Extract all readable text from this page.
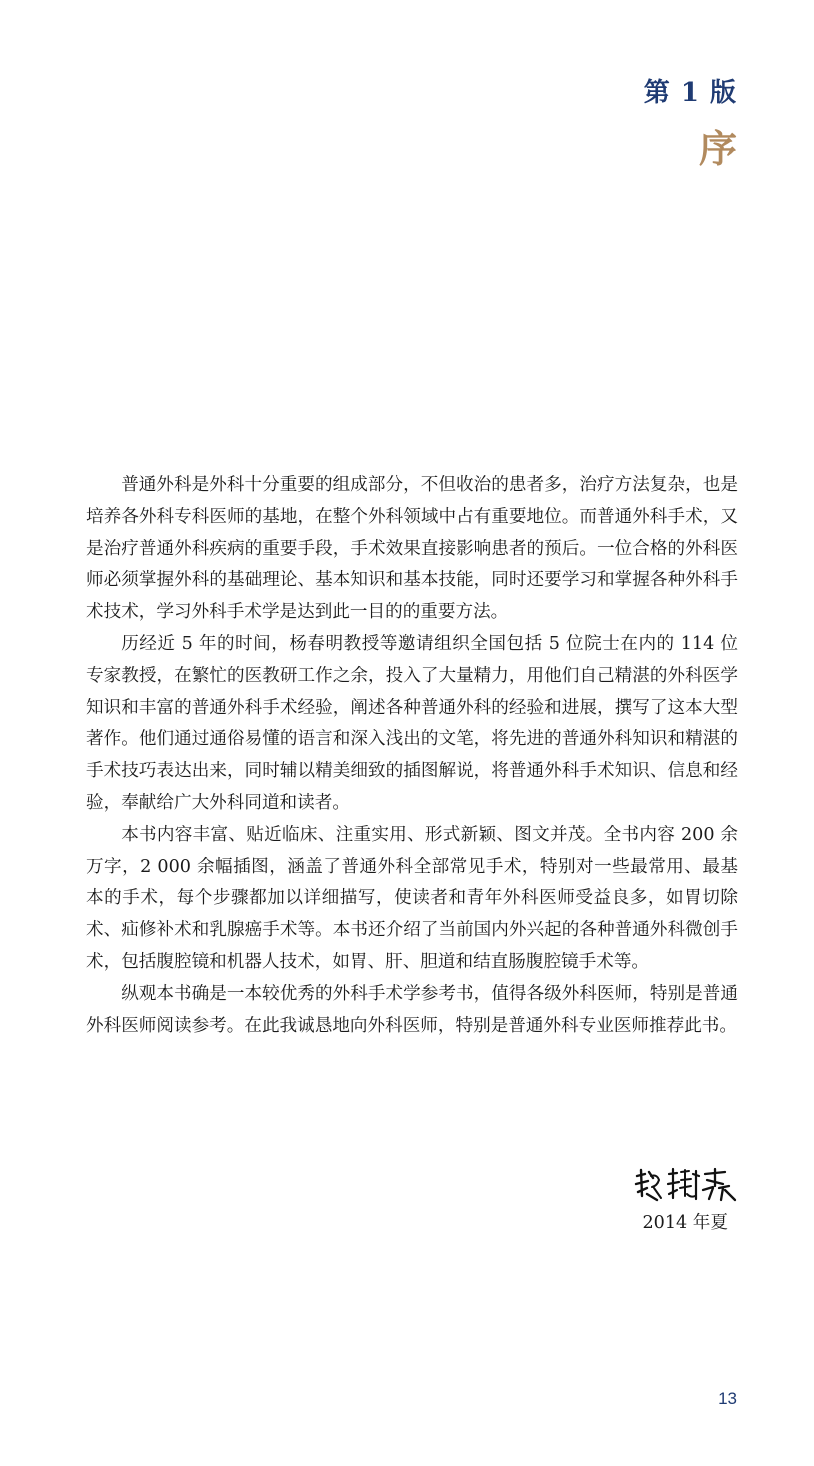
第 1 版
序

普通外科是外科十分重要的组成部分，不但收治的患者多，治疗方法复杂，也是培养各外科专科医师的基地，在整个外科领域中占有重要地位。而普通外科手术，又是治疗普通外科疾病的重要手段，手术效果直接影响患者的预后。一位合格的外科医师必须掌握外科的基础理论、基本知识和基本技能，同时还要学习和掌握各种外科手术技术，学习外科手术学是达到此一目的的重要方法。

历经近 5 年的时间，杨春明教授等邀请组织全国包括 5 位院士在内的 114 位专家教授，在繁忙的医教研工作之余，投入了大量精力，用他们自己精湛的外科医学知识和丰富的普通外科手术经验，阐述各种普通外科的经验和进展，撰写了这本大型著作。他们通过通俗易懂的语言和深入浅出的文笔，将先进的普通外科知识和精湛的手术技巧表达出来，同时辅以精美细致的插图解说，将普通外科手术知识、信息和经验，奉献给广大外科同道和读者。

本书内容丰富、贴近临床、注重实用、形式新颖、图文并茂。全书内容 200 余万字，2 000 余幅插图，涵盖了普通外科全部常见手术，特别对一些最常用、最基本的手术，每个步骤都加以详细描写，使读者和青年外科医师受益良多，如胃切除术、疝修补术和乳腺癌手术等。本书还介绍了当前国内外兴起的各种普通外科微创手术，包括腹腔镜和机器人技术，如胃、肝、胆道和结直肠腹腔镜手术等。

纵观本书确是一本较优秀的外科手术学参考书，值得各级外科医师，特别是普通外科医师阅读参考。在此我诚恳地向外科医师，特别是普通外科专业医师推荐此书。

2014 年夏
13
